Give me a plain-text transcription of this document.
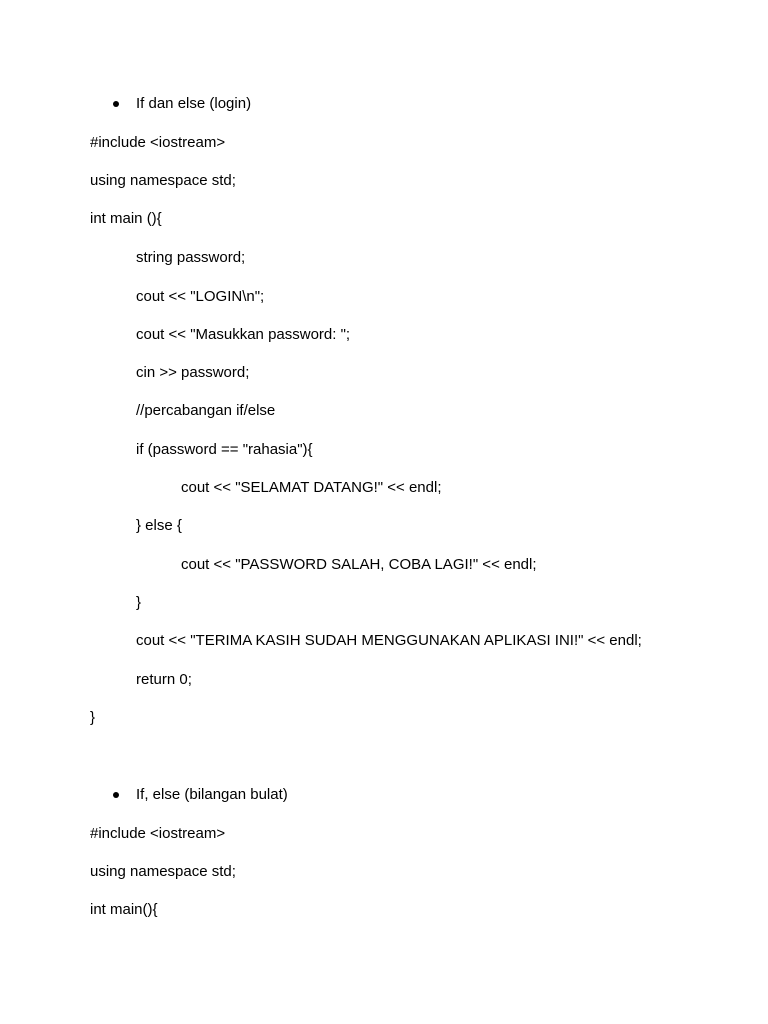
If dan else (login)
#include <iostream>
using namespace std;
int main (){
string password;
cout << "LOGIN\n";
cout << "Masukkan password: ";
cin >> password;
//percabangan if/else
if (password == "rahasia"){
cout << "SELAMAT DATANG!" << endl;
} else {
cout << "PASSWORD SALAH, COBA LAGI!" << endl;
}
cout << "TERIMA KASIH SUDAH MENGGUNAKAN APLIKASI INI!" << endl;
return 0;
}
If, else (bilangan bulat)
#include <iostream>
using namespace std;
int main(){
